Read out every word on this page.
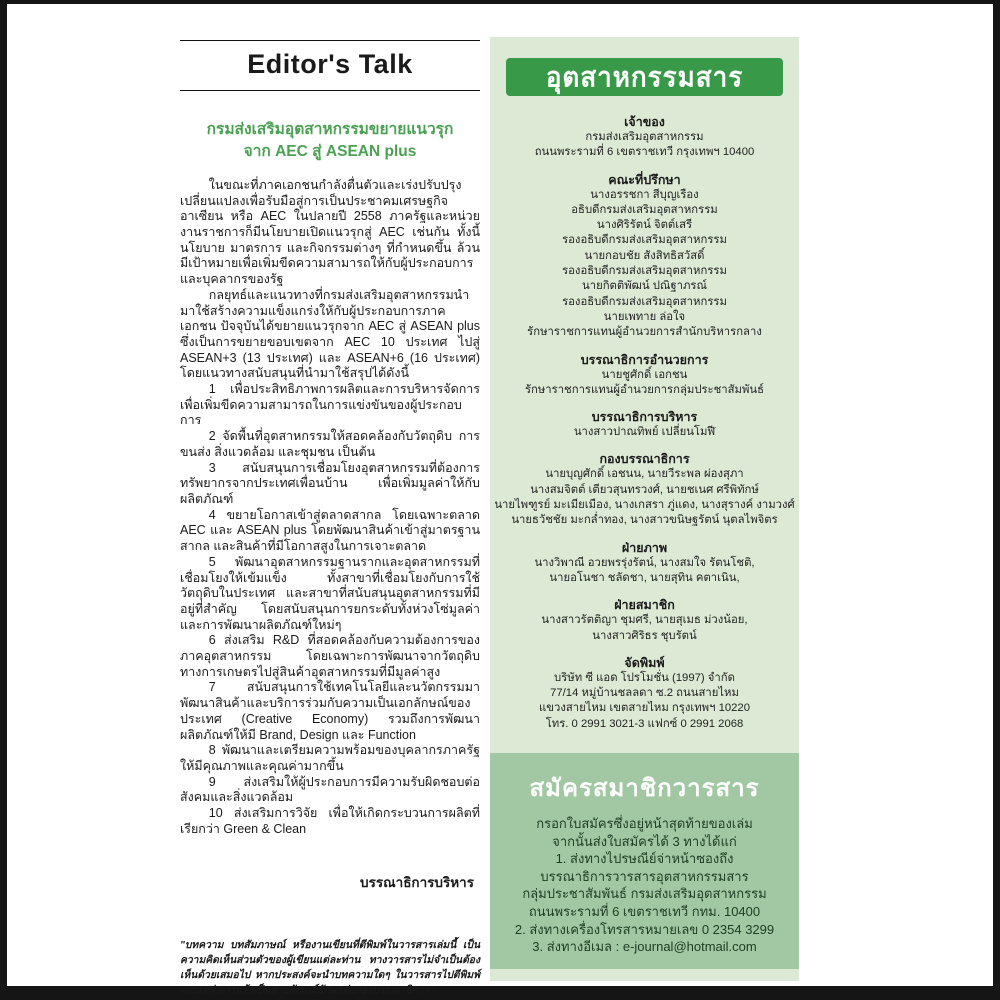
Editor's Talk
กรมส่งเสริมอุตสาหกรรมขยายแนวรุก
จาก AEC สู่ ASEAN plus

ในขณะที่ภาคเอกชนกำลังตื่นตัวและเร่งปรับปรุงเปลี่ยนแปลงเพื่อรับมือสู่การเป็นประชาคมเศรษฐกิจอาเซียน หรือ AEC ในปลายปี 2558 ภาครัฐและหน่วยงานราชการก็มีนโยบายเปิดแนวรุกสู่ AEC เช่นกัน ทั้งนี้ นโยบาย มาตรการ และกิจกรรมต่างๆ ที่กำหนดขึ้น ล้วนมีเป้าหมายเพื่อเพิ่มขีดความสามารถให้กับผู้ประกอบการและบุคลากรของรัฐ

กลยุทธ์และแนวทางที่กรมส่งเสริมอุตสาหกรรมนำมาใช้สร้างความแข็งแกร่งให้กับผู้ประกอบการภาคเอกชน ปัจจุบันได้ขยายแนวรุกจาก AEC สู่ ASEAN plus ซึ่งเป็นการขยายขอบเขตจาก AEC 10 ประเทศ ไปสู่ ASEAN+3 (13 ประเทศ) และ ASEAN+6 (16 ประเทศ) โดยแนวทางสนับสนุนที่นำมาใช้สรุปได้ดังนี้

1 เพื่อประสิทธิภาพการผลิตและการบริหารจัดการ เพื่อเพิ่มขีดความสามารถในการแข่งขันของผู้ประกอบการ

2 จัดพื้นที่อุตสาหกรรมให้สอดคล้องกับวัตถุดิบ การขนส่ง สิ่งแวดล้อม และชุมชน เป็นต้น

3 สนับสนุนการเชื่อมโยงอุตสาหกรรมที่ต้องการทรัพยากรจากประเทศเพื่อนบ้าน เพื่อเพิ่มมูลค่าให้กับผลิตภัณฑ์

4 ขยายโอกาสเข้าสู่ตลาดสากล โดยเฉพาะตลาด AEC และ ASEAN plus โดยพัฒนาสินค้าเข้าสู่มาตรฐานสากล และสินค้าที่มีโอกาสสูงในการเจาะตลาด

5 พัฒนาอุตสาหกรรมฐานรากและอุตสาหกรรมที่เชื่อมโยงให้เข้มแข็ง ทั้งสาขาที่เชื่อมโยงกับการใช้วัตถุดิบในประเทศ และสาขาที่สนับสนุนอุตสาหกรรมที่มีอยู่ที่สำคัญ โดยสนับสนุนการยกระดับทั้งห่วงโซ่มูลค่า และการพัฒนาผลิตภัณฑ์ใหม่ๆ

6 ส่งเสริม R&D ที่สอดคล้องกับความต้องการของภาคอุตสาหกรรม โดยเฉพาะการพัฒนาจากวัตถุดิบทางการเกษตรไปสู่สินค้าอุตสาหกรรมที่มีมูลค่าสูง

7 สนับสนุนการใช้เทคโนโลยีและนวัตกรรมมาพัฒนาสินค้าและบริการร่วมกับความเป็นเอกลักษณ์ของประเทศ (Creative Economy) รวมถึงการพัฒนาผลิตภัณฑ์ให้มี Brand, Design และ Function

8 พัฒนาและเตรียมความพร้อมของบุคลากรภาครัฐให้มีคุณภาพและคุณค่ามากขึ้น

9 ส่งเสริมให้ผู้ประกอบการมีความรับผิดชอบต่อสังคมและสิ่งแวดล้อม

10 ส่งเสริมการวิจัย เพื่อให้เกิดกระบวนการผลิตที่เรียกว่า Green & Clean

บรรณาธิการบริหาร
"บทความ บทสัมภาษณ์ หรืองานเขียนที่ตีพิมพ์ในวารสารเล่มนี้ เป็นความคิดเห็นส่วนตัวของผู้เขียนแต่ละท่าน ทางวารสารไม่จำเป็นต้องเห็นด้วยเสมอไป หากประสงค์จะนำบทความใดๆ ในวารสารไปตีพิมพ์เผยแพร่ ควรแจ้งเป็นลายลักษณ์อักษรต่อกองบรรณาธิการ"
อุตสาหกรรมสาร
เจ้าของ
กรมส่งเสริมอุตสาหกรรม
ถนนพระรามที่ 6 เขตราชเทวี กรุงเทพฯ 10400
คณะที่ปรึกษา
นางอรรชกา สีบุญเรือง
อธิบดีกรมส่งเสริมอุตสาหกรรม
นางศิริรัตน์ จิตต์เสรี
รองอธิบดีกรมส่งเสริมอุตสาหกรรม
นายกอบชัย สังสิทธิสวัสดิ์
รองอธิบดีกรมส่งเสริมอุตสาหกรรม
นายกิตติพัฒน์ ปณิฐาภรณ์
รองอธิบดีกรมส่งเสริมอุตสาหกรรม
นายเพทาย ล่อใจ
รักษาราชการแทนผู้อำนวยการสำนักบริหารกลาง
บรรณาธิการอำนวยการ
นายชูศักดิ์ เอกชน
รักษาราชการแทนผู้อำนวยการกลุ่มประชาสัมพันธ์
บรรณาธิการบริหาร
นางสาวปาณทิพย์ เปลี่ยนโมฬี
กองบรรณาธิการ
นายบุญศักดิ์ เอชนน, นายวีระพล ผ่องสุภา
นางสมจิตต์ เตียวสุนทรวงศ์, นายชเนศ ศรีพิทักษ์
นายไพฑูรย์ มะเมียเมือง, นางเกสรา ภู่แดง, นางสุรางค์ งามวงศ์
นายธวัชชัย มะกล่ำทอง, นางสาวขนิษฐรัตน์ นุตลไพจิตร
ฝ่ายภาพ
นางวิพาณี อวยพรรุ่งรัตน์, นางสมใจ รัตนโชติ,
นายอโนชา ชลัดชา, นายสุทิน คตาเนิน,
ฝ่ายสมาชิก
นางสาวรัตติญา ชุมศรี, นายสุเมธ ม่วงน้อย,
นางสาวศิริธร ชุบรัตน์
จัดพิมพ์
บริษัท ซี แอด โปรโมชั่น (1997) จำกัด
77/14 หมู่บ้านชลลดา ซ.2 ถนนสายไหม
แขวงสายไหม เขตสายไหม กรุงเทพฯ 10220
โทร. 0 2991 3021-3 แฟกซ์ 0 2991 2068
สมัครสมาชิกวารสาร
กรอกใบสมัครซึ่งอยู่หน้าสุดท้ายของเล่ม
จากนั้นส่งใบสมัครได้ 3 ทางได้แก่
1. ส่งทางไปรษณีย์จ่าหน้าซองถึง
บรรณาธิการวารสารอุตสาหกรรมสาร
กลุ่มประชาสัมพันธ์ กรมส่งเสริมอุตสาหกรรม
ถนนพระรามที่ 6 เขตราชเทวี กทม. 10400
2. ส่งทางเครื่องโทรสารหมายเลข 0 2354 3299
3. ส่งทางอีเมล : e-journal@hotmail.com
